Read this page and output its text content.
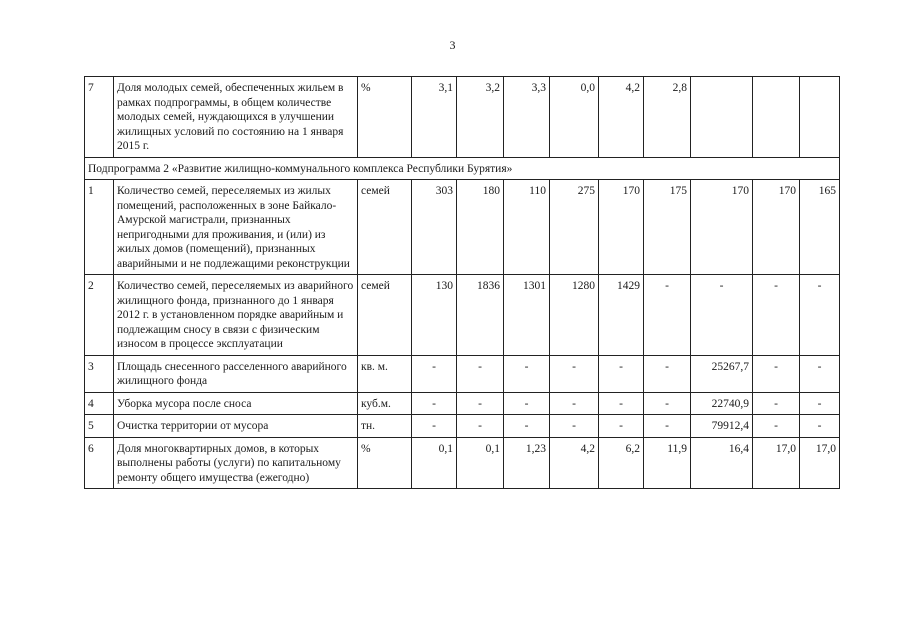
3
7	Доля молодых семей, обеспеченных жильем в рамках подпрограммы, в общем количестве молодых семей, нуждающихся в улучшении жилищных условий по состоянию на 1 января 2015 г.	%	3,1	3,2	3,3	0,0	4,2	2,8			
Подпрограмма 2 «Развитие жилищно-коммунального комплекса Республики Бурятия»											
1	Количество семей, переселяемых из жилых помещений, расположенных в зоне Байкало-Амурской магистрали, признанных непригодными для проживания, и (или) из жилых домов (помещений), признанных аварийными и не подлежащими реконструкции	семей	303	180	110	275	170	175	170	170	165
2	Количество семей, переселяемых из аварийного жилищного фонда, признанного до 1 января 2012 г. в установленном порядке аварийным и подлежащим сносу в связи с физическим износом в процессе эксплуатации	семей	130	1836	1301	1280	1429	-	-	-	-
3	Площадь снесенного расселенного аварийного жилищного фонда	кв. м.	-	-	-	-	-	-	25267,7	-	-
4	Уборка мусора после сноса	куб.м.	-	-	-	-	-	-	22740,9	-	-
5	Очистка территории от мусора	тн.	-	-	-	-	-	-	79912,4	-	-
6	Доля многоквартирных домов, в которых выполнены работы (услуги) по капитальному ремонту общего имущества (ежегодно)	%	0,1	0,1	1,23	4,2	6,2	11,9	16,4	17,0	17,0
